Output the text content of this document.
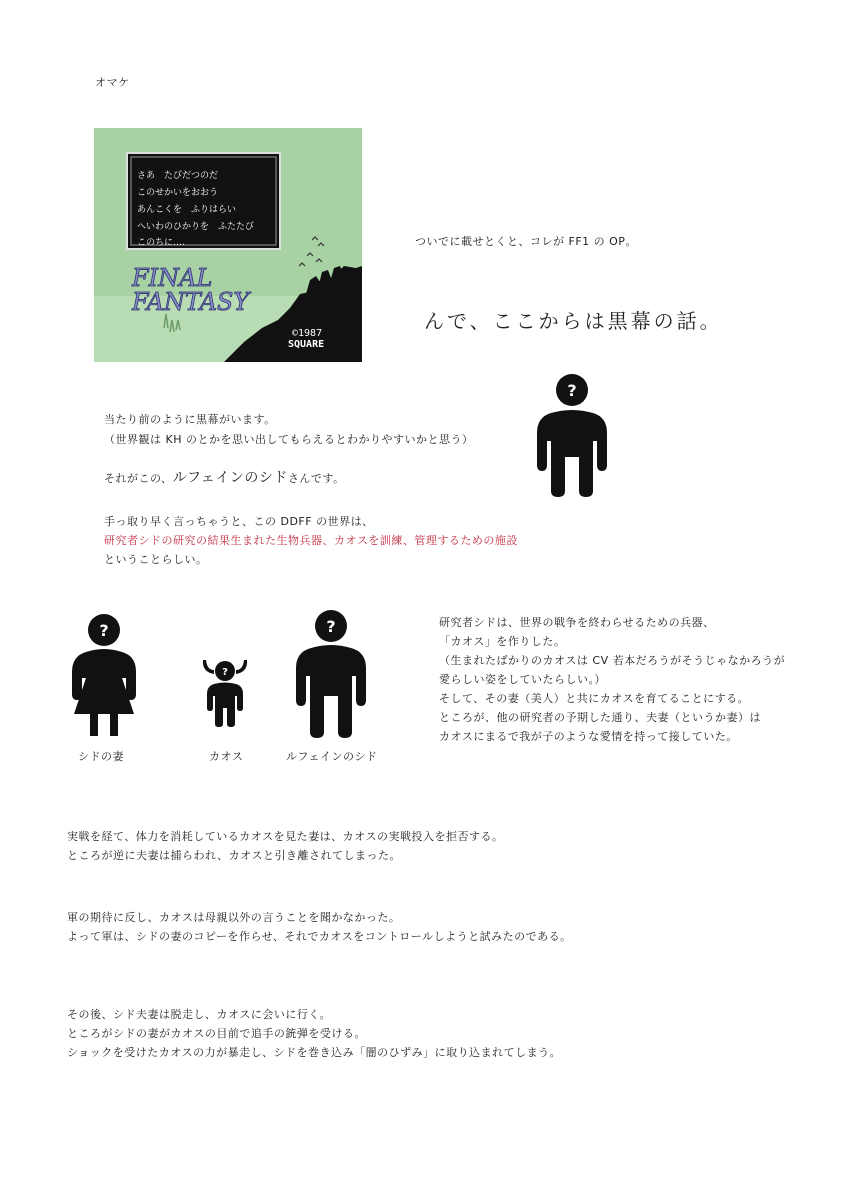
オマケ
さあ　たびだつのだ
このせかいをおおう
あんこくを　ふりはらい
へいわのひかりを　ふたたび
このちに‥‥
FINAL
FANTASY
©1987
SQUARE
ついでに載せとくと、コレが FF1 の OP。
んで、ここからは黒幕の話。
?
当たり前のように黒幕がいます。
（世界観は KH のとかを思い出してもらえるとわかりやすいかと思う）
それがこの、ルフェインのシドさんです。
手っ取り早く言っちゃうと、この DDFF の世界は、
研究者シドの研究の結果生まれた生物兵器、カオスを訓練、管理するための施設
ということらしい。
?
?
?
シドの妻	カオス	ルフェインのシド
研究者シドは、世界の戦争を終わらせるための兵器、
「カオス」を作りした。
（生まれたばかりのカオスは CV 若本だろうがそうじゃなかろうが
愛らしい姿をしていたらしい。）
そして、その妻（美人）と共にカオスを育てることにする。
ところが、他の研究者の予期した通り、夫妻（というか妻）は
カオスにまるで我が子のような愛情を持って接していた。
実戦を経て、体力を消耗しているカオスを見た妻は、カオスの実戦投入を拒否する。
ところが逆に夫妻は捕らわれ、カオスと引き離されてしまった。
軍の期待に反し、カオスは母親以外の言うことを聞かなかった。
よって軍は、シドの妻のコピーを作らせ、それでカオスをコントロールしようと試みたのである。
その後、シド夫妻は脱走し、カオスに会いに行く。
ところがシドの妻がカオスの目前で追手の銃弾を受ける。
ショックを受けたカオスの力が暴走し、シドを巻き込み「闇のひずみ」に取り込まれてしまう。
